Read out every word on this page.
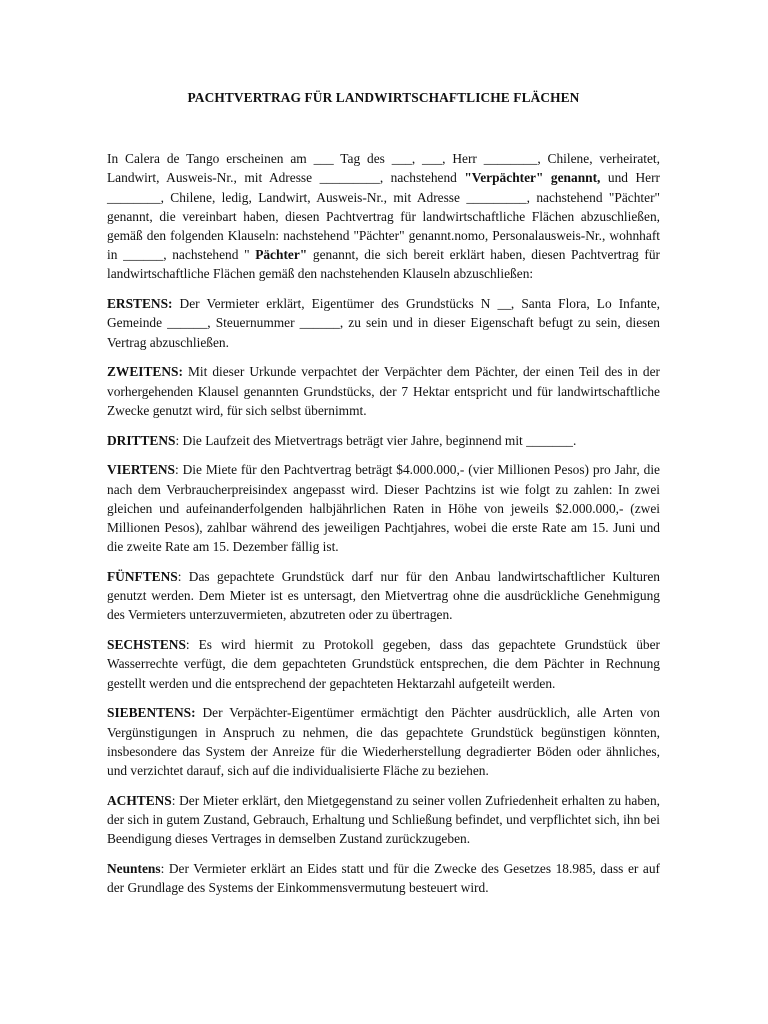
PACHTVERTRAG FÜR LANDWIRTSCHAFTLICHE FLÄCHEN

In Calera de Tango erscheinen am ___ Tag des ___, ___, Herr ________, Chilene, verheiratet, Landwirt, Ausweis-Nr., mit Adresse _________, nachstehend "Verpächter" genannt, und Herr ________, Chilene, ledig, Landwirt, Ausweis-Nr., mit Adresse _________, nachstehend "Pächter" genannt, die vereinbart haben, diesen Pachtvertrag für landwirtschaftliche Flächen abzuschließen, gemäß den folgenden Klauseln: nachstehend "Pächter" genannt.nomo, Personalausweis-Nr., wohnhaft in ______, nachstehend " Pächter" genannt, die sich bereit erklärt haben, diesen Pachtvertrag für landwirtschaftliche Flächen gemäß den nachstehenden Klauseln abzuschließen:

ERSTENS: Der Vermieter erklärt, Eigentümer des Grundstücks N __, Santa Flora, Lo Infante, Gemeinde ______, Steuernummer ______, zu sein und in dieser Eigenschaft befugt zu sein, diesen Vertrag abzuschließen.

ZWEITENS: Mit dieser Urkunde verpachtet der Verpächter dem Pächter, der einen Teil des in der vorhergehenden Klausel genannten Grundstücks, der 7 Hektar entspricht und für landwirtschaftliche Zwecke genutzt wird, für sich selbst übernimmt.

DRITTENS: Die Laufzeit des Mietvertrags beträgt vier Jahre, beginnend mit _______.

VIERTENS: Die Miete für den Pachtvertrag beträgt $4.000.000,- (vier Millionen Pesos) pro Jahr, die nach dem Verbraucherpreisindex angepasst wird. Dieser Pachtzins ist wie folgt zu zahlen: In zwei gleichen und aufeinanderfolgenden halbjährlichen Raten in Höhe von jeweils $2.000.000,- (zwei Millionen Pesos), zahlbar während des jeweiligen Pachtjahres, wobei die erste Rate am 15. Juni und die zweite Rate am 15. Dezember fällig ist.

FÜNFTENS: Das gepachtete Grundstück darf nur für den Anbau landwirtschaftlicher Kulturen genutzt werden. Dem Mieter ist es untersagt, den Mietvertrag ohne die ausdrückliche Genehmigung des Vermieters unterzuvermieten, abzutreten oder zu übertragen.

SECHSTENS: Es wird hiermit zu Protokoll gegeben, dass das gepachtete Grundstück über Wasserrechte verfügt, die dem gepachteten Grundstück entsprechen, die dem Pächter in Rechnung gestellt werden und die entsprechend der gepachteten Hektarzahl aufgeteilt werden.

SIEBENTENS: Der Verpächter-Eigentümer ermächtigt den Pächter ausdrücklich, alle Arten von Vergünstigungen in Anspruch zu nehmen, die das gepachtete Grundstück begünstigen könnten, insbesondere das System der Anreize für die Wiederherstellung degradierter Böden oder ähnliches, und verzichtet darauf, sich auf die individualisierte Fläche zu beziehen.

ACHTENS: Der Mieter erklärt, den Mietgegenstand zu seiner vollen Zufriedenheit erhalten zu haben, der sich in gutem Zustand, Gebrauch, Erhaltung und Schließung befindet, und verpflichtet sich, ihn bei Beendigung dieses Vertrages in demselben Zustand zurückzugeben.

Neuntens: Der Vermieter erklärt an Eides statt und für die Zwecke des Gesetzes 18.985, dass er auf der Grundlage des Systems der Einkommensvermutung besteuert wird.
